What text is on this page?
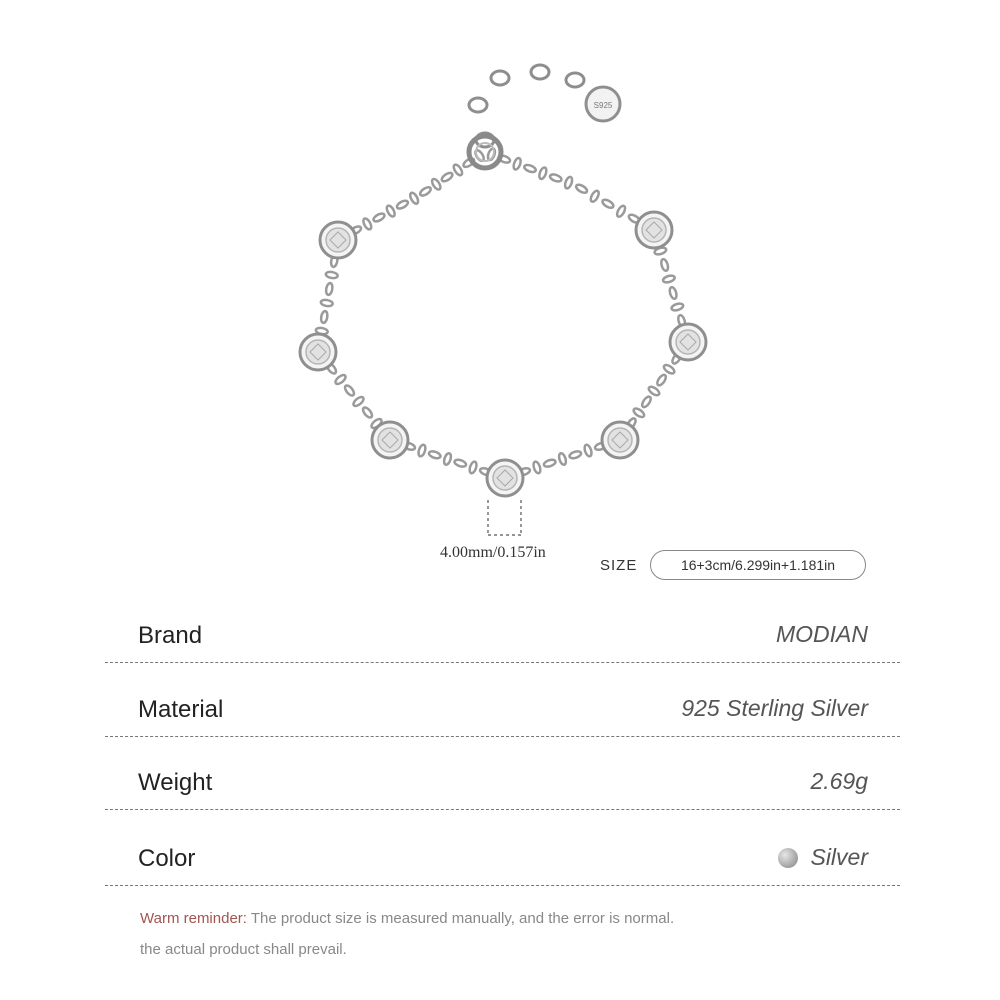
S925
4.00mm/0.157in
SIZE	16+3cm/6.299in+1.181in
Brand	MODIAN
Material	925 Sterling Silver
Weight	2.69g
Color	Silver
Warm reminder: The product size is measured manually, and the error is normal.
the actual product shall prevail.
